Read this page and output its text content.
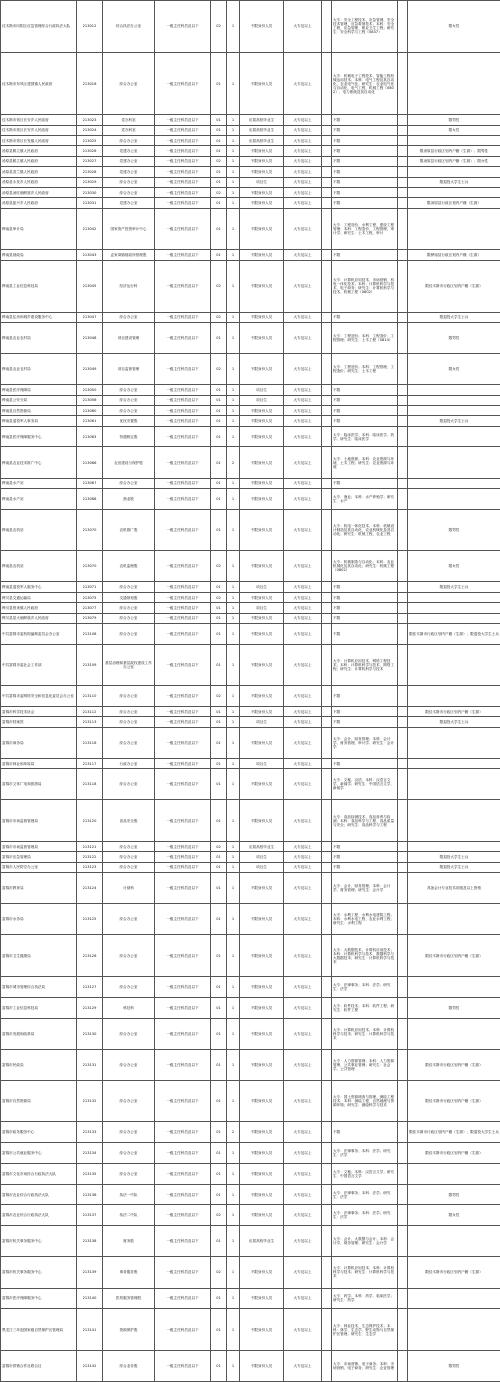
佳木斯市向阳区应急管理综合行政执法大队	213012	综合执法办公室	一级主任科员及以下	02	1	不限身份人员	大专及以上		大专：安全工程技术、应急管理、安全技术管理、应急救援技术；本科：安全工程、应急管理、职业卫生工程；研究生：安全科学与工程（0837）		限女性
佳木斯市东风区建国镇人民政府	213016	综合办公室	一级主任科员及以下	01	1	不限身份人员	大专及以上		大专：机械电子工程技术、智能工程机械运用技术；本科：电气工程及其自动化、农业电气化；研究生：农业电气化与自动化、电气工程、机械工程（0802）、电力系统及其自动化		
佳木斯市郊区长安乡人民政府	213023	党办科室	一级主任科员及以下	01	1	应届高校毕业生	大专及以上		不限		限男性
佳木斯市郊区长安乡人民政府	213024	党办科室	一级主任科员及以下	01	1	应届高校毕业生	大专及以上		不限		限女性
佳木斯市郊区长发镇人民政府	213025	综合办公室	一级主任科员及以下	01	1	应届高校毕业生	大专及以上		不限		
汤原县鹤立镇人民政府	213026	党建办公室	一级主任科员及以下	01	1	不限身份人员	大专及以上		不限		限汤原县行政区划内户籍（生源）；限男性
汤原县鹤立镇人民政府	213027	党建办公室	一级主任科员及以下	02	1	不限身份人员	大专及以上		不限		限汤原县行政区划内户籍（生源）；限女性
汤原县香兰镇人民政府	213028	党建办公室	一级主任科员及以下	01	1	不限身份人员	大专及以上		不限		
汤原县永发乡人民政府	213029	综合办公室	一级主任科员及以下	01	1	项目生	大专及以上		不限		限退役大学生士兵
汤原县汤旺朝鲜族乡人民政府	213030	综合办公室	一级主任科员及以下	02	1	不限身份人员	大专及以上		不限		
汤原县振兴乡人民政府	213031	党建办公室	一级主任科员及以下	01	1	不限身份人员	大专及以上		不限		限汤原县行政区划内户籍（生源）
桦南县审计局	213042	国家资产投资审计中心	一级主任科员及以下	01	1	不限身份人员	大专及以上		大专：工程造价、水利工程、建设工程管理；本科：工程造价、工程管理、审计学；研究生：土木工程、审计		
桦南县财政局	213043	孟家岗镇财政所管理股	一级主任科员及以下	01	1	不限身份人员	大专及以上		不限		限桦南县行政区划内户籍（生源）
桦南县工业信息科技局	213045	经济运行科	一级主任科员及以下	02	1	不限身份人员	大专及以上		大专：计算机应用技术、市场营销、机电一体化技术；本科：计算机科学与技术、电子商务；研究生：计算机科学与技术、机械工程（0802）		限佳木斯市行政区划内户籍（生源）
桦南县住房和城乡建设服务中心	213047	综合办公室	一级主任科员及以下	02	1	不限身份人员	大专及以上		不限		限退役大学生士兵
桦南县农业农村局	213048	项目建设管理	一级主任科员及以下	01	1	不限身份人员	大专及以上		大专：工程造价；本科：工程造价、工程管理；研究生：土木工程（0814）		限男性
桦南县农业农村局	213049	项目监督管理	一级主任科员及以下	02	1	不限身份人员	大专及以上		大专：工程造价；本科：工程管理、工程造价；研究生：土木工程		限女性
桦南县医疗保障局	213050	综合办公室	一级主任科员及以下	01	1	项目生	大专及以上		不限		
桦南县公安分局	213056	综合办公室	一级主任科员及以下	01	1	项目生	大专及以上		不限		
桦南县自然资源局	213060	综合办公室	一级主任科员及以下	01	1	不限身份人员	大专及以上		不限		
桦南县退役军人事务局	213061	优抚安置股	一级主任科员及以下	01	1	不限身份人员	大专及以上		不限		限退役大学生士兵
桦南县医疗保障服务中心	213063	待遇核定股	一级主任科员及以下	01	1	不限身份人员	大专及以上		大专：临床医学；本科：临床医学、药学；研究生：临床医学		
桦南县农业技术推广中心	213066	农田建设与保护股	一级主任科员及以下	01	2	不限身份人员	大专及以上		大专：土地资源；本科：农业资源与环境、土木工程；研究生：农业资源与环境		
桦南县水产站	213067	综合办公室	一级主任科员及以下	01	1	不限身份人员	大专及以上		不限		
桦南县水产站	213068	渔业股	一级主任科员及以下	01	1	不限身份人员	大专及以上		大专：渔业；本科：水产养殖学；研究生：水产		
桦南县农机站	213070	农机推广股	一级主任科员及以下	01	1	不限身份人员	大专及以上		大专：机电一体化技术；本科：机械设计制造及其自动化、农业机械化及其自动化；研究生：机械工程、农业工程		限男性
桦南县农机站	213070	农机监理股	一级主任科员及以下	02	1	不限身份人员	大专及以上		大专：机械制造与自动化；本科：农业机械化及其自动化；研究生：机械工程（0802）		限女性
桦南县退役军人服务中心	213071	综合办公室	一级主任科员及以下	01	1	项目生	大专及以上		不限		限退役大学生士兵
桦川县交通运输局	213075	交通规划股	一级主任科员及以下	02	1	不限身份人员	大专及以上		不限		
桦川县悦来镇人民政府	213077	综合办公室	一级主任科员及以下	01	1	项目生	大专及以上		不限		
桦川县星火朝鲜族乡人民政府	213079	综合办公室	一级主任科员及以下	01	1	不限身份人员	大专及以上		不限		
中共富锦市委机构编制委员会办公室	213108	综合办公室	一级主任科员及以下	01	1	不限身份人员	大专及以上		不限		限佳木斯市行政区划内户籍（生源）；限退役大学生士兵
中共富锦市委社会工作部	213109	基层治理和基层政权建设工作办公室	一级主任科员及以下	01	1	不限身份人员	大专及以上		大专：计算机应用技术、网络工程技术；本科：计算机科学与技术、网络工程；研究生：计算机科学与技术		
中共富锦市委网络安全和信息化委员会办公室	213110	综合办公室	一级主任科员及以下	02	1	不限身份人员	大专及以上		不限		
富锦市科学技术协会	213112	综合办公室	一级主任科员及以下	01	1	不限身份人员	大专及以上		不限		限佳木斯市行政区划内户籍（生源）
富锦市档案馆	213113	综合办公室	一级主任科员及以下	01	1	项目生	大专及以上		不限		限退役大学生士兵
富锦市商务局	213116	综合办公室	一级主任科员及以下	01	1	不限身份人员	大专及以上		大专：会计、财务管理；本科：会计学、财务管理、审计学；研究生：会计学		
富锦市林业和草原局	213117	行政办公室	一级主任科员及以下	01	1	项目生	大专及以上		不限		
富锦市文体广电和旅游局	213118	综合办公室	一级主任科员及以下	01	1	不限身份人员	大专及以上		大专：文秘、汉语；本科：汉语言文学、新闻学；研究生：中国语言文学、新闻学		
富锦市市场监督管理局	213120	食品安全股	一级主任科员及以下	01	1	不限身份人员	大专及以上		大专：食品检测技术、食品营养与检测；本科：食品科学与工程、食品质量与安全；研究生：食品科学与工程		
富锦市市场监督管理局	213121	综合办公室	一级主任科员及以下	02	1	应届高校毕业生	大专及以上		不限		
富锦市应急管理局	213122	综合办公室	一级主任科员及以下	01	1	项目生	大专及以上		不限		限退役大学生士兵
富锦市人民防空办公室	213123	综合办公室	一级主任科员及以下	01	1	项目生	大专及以上		不限		限退役大学生士兵
富锦市教育局	213124	计财科	一级主任科员及以下	01	1	不限身份人员	大专及以上		大专：会计、财务管理；本科：会计学、财务管理；研究生：会计学		具备会计专业技术初级及以上资格
富锦市水务局	213125	综合办公室	一级主任科员及以下	01	1	不限身份人员	大专及以上		大专：水利工程、水利水电建筑工程；本科：水利水电工程、农业水利工程；研究生：水利工程		
富锦市卫生健康局	213126	综合办公室	一级主任科员及以下	01	1	不限身份人员	大专及以上		大专：大数据技术、计算机应用技术；本科：计算机科学与技术、数据科学与大数据技术；研究生：计算机科学与技术		限佳木斯市行政区划内户籍（生源）
富锦市城市管理综合执法局	213127	综合办公室	一级主任科员及以下	01	1	不限身份人员	大专及以上		大专：法律事务；本科：法学；研究生：法学		
富锦市工业信息科技局	213129	科技科	一级主任科员及以下	01	1	不限身份人员	大专及以上		大专：软件技术；本科：软件工程；研究生：软件工程		限男性
富锦市发展和改革局	213130	综合办公室	一级主任科员及以下	01	1	不限身份人员	大专及以上		大专：计算机应用技术；本科：计算机科学与技术；研究生：计算机科学与技术		
富锦市民政局	213131	综合办公室	一级主任科员及以下	01	1	不限身份人员	大专及以上		大专：人力资源管理；本科：人力资源管理、公共事业管理；研究生：社会学、公共管理		限佳木斯市行政区划内户籍（生源）
富锦市自然资源局	213132	综合办公室	一级主任科员及以下	01	1	不限身份人员	大专及以上		大专：国土资源调查与管理、测绘工程技术；本科：测绘工程、自然地理与资源环境；研究生：测绘科学与技术		限佳木斯市行政区划内户籍（生源）
富锦市政务服务中心	213133	综合办公室	一级主任科员及以下	01	2	不限身份人员	大专及以上		不限		限佳木斯市行政区划内户籍（生源）；限退役大学生士兵
富锦市公共就业服务中心	213134	综合办公室	一级主任科员及以下	01	1	不限身份人员	大专及以上		大专：法律事务；本科：法学；研究生：法学		限佳木斯市行政区划内户籍（生源）
富锦市文化市场综合行政执法大队	213135	综合办公室	一级主任科员及以下	01	1	不限身份人员	大专及以上		大专：文秘；本科：汉语言文学；研究生：中国语言文学		
富锦市农业综合行政执法大队	213136	执法一中队	一级主任科员及以下	01	1	不限身份人员	大专及以上		大专：法律事务；本科：法学；研究生：法学		限男性
富锦市农业综合行政执法大队	213137	执法二中队	一级主任科员及以下	02	1	不限身份人员	大专及以上		大专：法律事务；本科：法学；研究生：法学		限女性
富锦市机关事务服务中心	213138	财务股	一级主任科员及以下	01	1	应届高校毕业生	大专及以上		大专：会计、大数据与会计；本科：会计学、财务管理；研究生：会计学		
富锦市机关事务服务中心	213139	事务服务股	一级主任科员及以下	02	1	不限身份人员	大专及以上		大专：计算机应用技术；本科：计算机科学与技术；研究生：计算机科学与技术		限佳木斯市行政区划内户籍（生源）
富锦市医疗保障服务中心	213140	医药服务管理股	一级主任科员及以下	01	1	不限身份人员	大专及以上		大专：药学；本科：药学、临床医学；研究生：药学		
黑龙江三环泡国家级自然保护区管理局	213141	资源保护股	一级主任科员及以下	01	1	不限身份人员	大专及以上		大专：林业技术、生态保护技术；本科：林学、生态学、野生动物与自然保护区管理；研究生：生态学		
富锦市供销合作社联合社	213142	综合业务股	一级主任科员及以下	01	1	不限身份人员	大专及以上		大专：市场营销、电子商务；本科：市场营销、电子商务；研究生：企业管理		限男性
